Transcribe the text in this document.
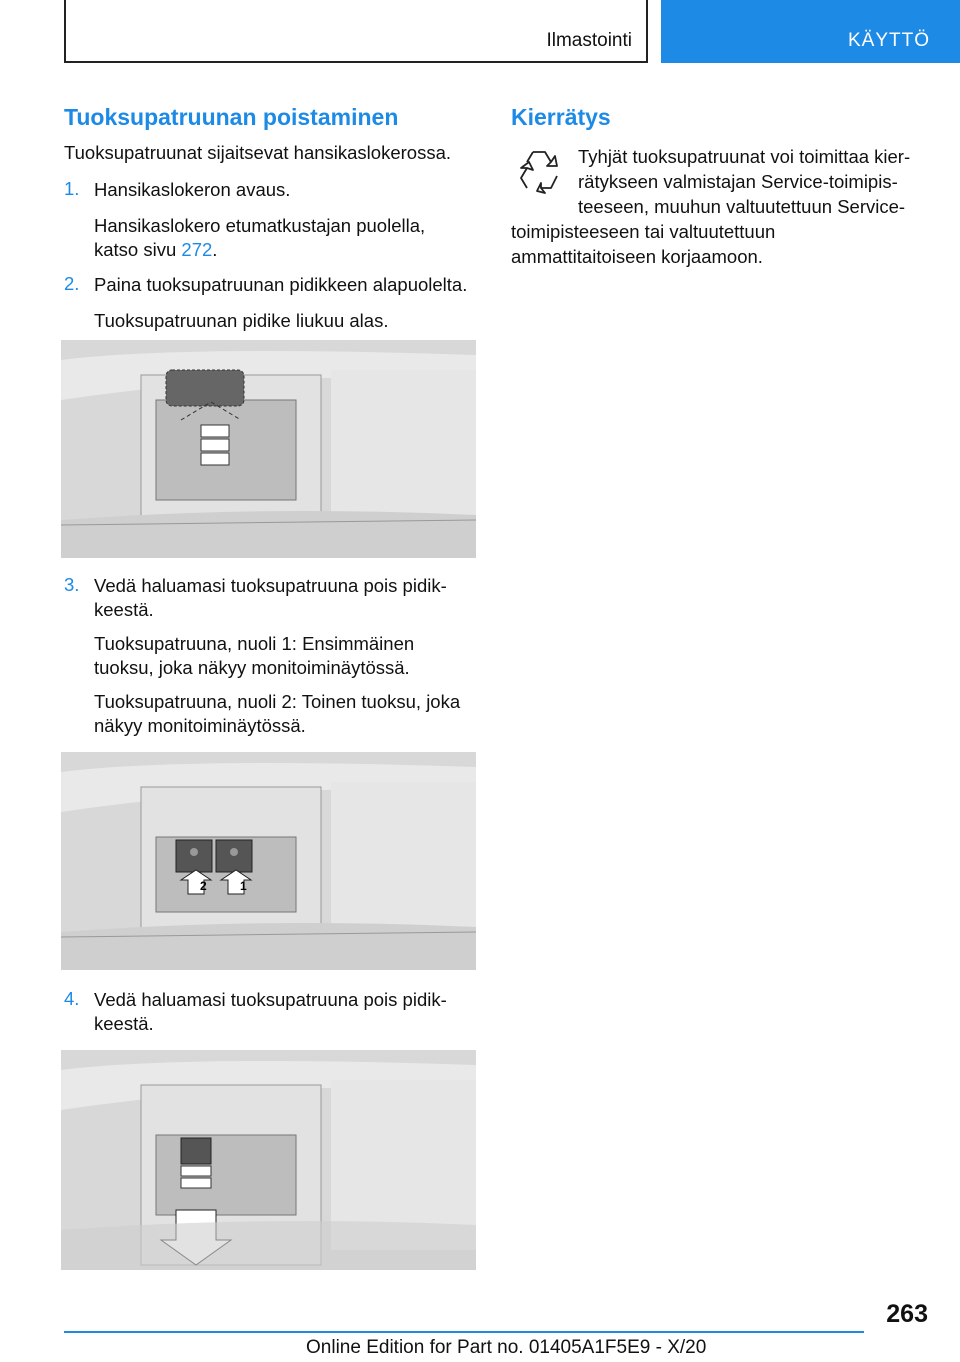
Ilmastointi	KÄYTTÖ
Tuoksupatruunan poistaminen
Tuoksupatruunat sijaitsevat hansikaslokerossa.
1. Hansikaslokeron avaus.
Hansikaslokero etumatkustajan puolella,
katso sivu 272.
2. Paina tuoksupatruunan pidikkeen alapuolelta.
Tuoksupatruunan pidike liukuu alas.
3. Vedä haluamasi tuoksupatruuna pois pidik-
keestä.
Tuoksupatruuna, nuoli 1: Ensimmäinen
tuoksu, joka näkyy monitoiminäytössä.
Tuoksupatruuna, nuoli 2: Toinen tuoksu, joka
näkyy monitoiminäytössä.
2	1
4. Vedä haluamasi tuoksupatruuna pois pidik-
keestä.
Kierrätys
Tyhjät tuoksupatruunat voi toimittaa kier-
rätykseen valmistajan Service-toimipis-
teeseen, muuhun valtuutettuun Service-
toimipisteeseen tai valtuutettuun
ammattitaitoiseen korjaamoon.
263
Online Edition for Part no. 01405A1F5E9 - X/20
